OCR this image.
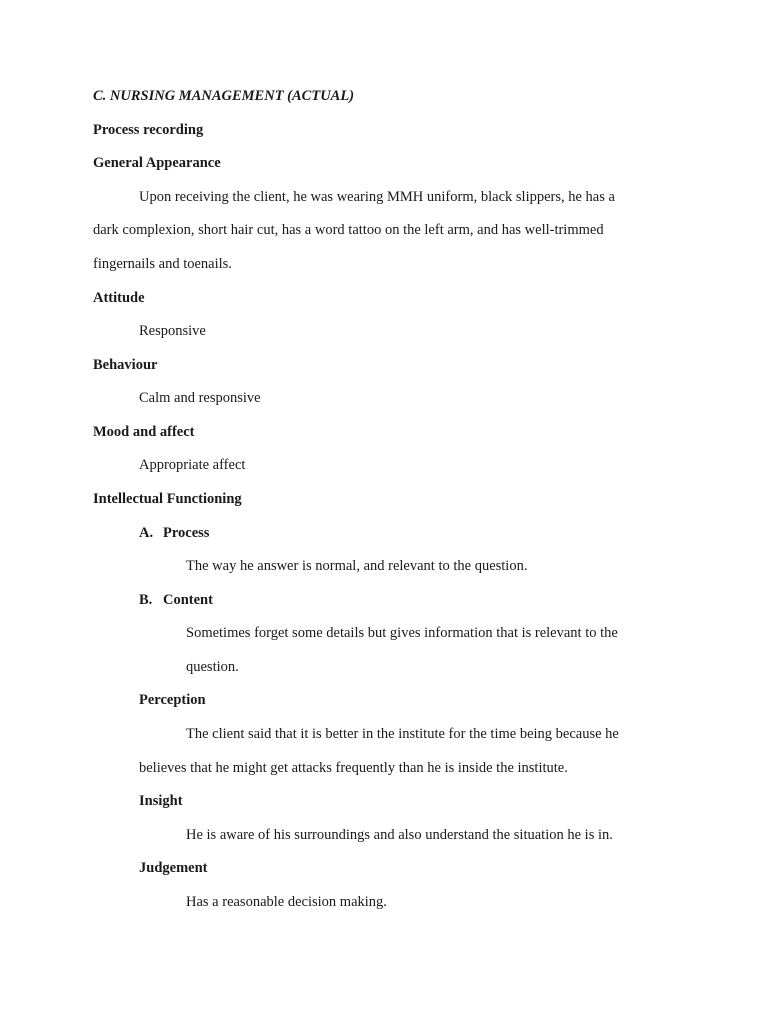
C. NURSING MANAGEMENT (ACTUAL)
Process recording
General Appearance
Upon receiving the client, he was wearing MMH uniform, black slippers, he has a
dark complexion, short hair cut, has a word tattoo on the left arm, and has well-trimmed
fingernails and toenails.
Attitude
Responsive
Behaviour
Calm and responsive
Mood and affect
Appropriate affect
Intellectual Functioning
A. Process
The way he answer is normal, and relevant to the question.
B. Content
Sometimes forget some details but gives information that is relevant to the
question.
Perception
The client said that it is better in the institute for the time being because he
believes that he might get attacks frequently than he is inside the institute.
Insight
He is aware of his surroundings and also understand the situation he is in.
Judgement
Has a reasonable decision making.
